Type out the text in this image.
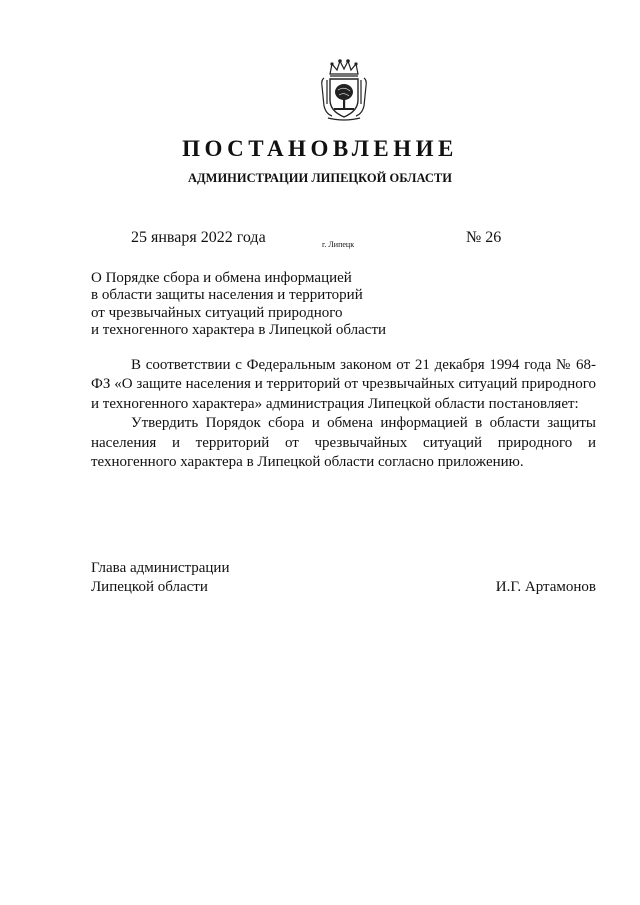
ПОСТАНОВЛЕНИЕ
АДМИНИСТРАЦИИ ЛИПЕЦКОЙ ОБЛАСТИ
25 января 2022 года	г. Липецк	№ 26
О Порядке сбора и обмена информацией
в области защиты населения и территорий
от чрезвычайных ситуаций природного
и техногенного характера в Липецкой области

В соответствии с Федеральным законом от 21 декабря 1994 года № 68-ФЗ «О защите населения и территорий от чрезвычайных ситуаций природного и техногенного характера» администрация Липецкой области постановляет:

Утвердить Порядок сбора и обмена информацией в области защиты населения и территорий от чрезвычайных ситуаций природного и техногенного характера в Липецкой области согласно приложению.

Глава администрации
Липецкой области	И.Г. Артамонов
